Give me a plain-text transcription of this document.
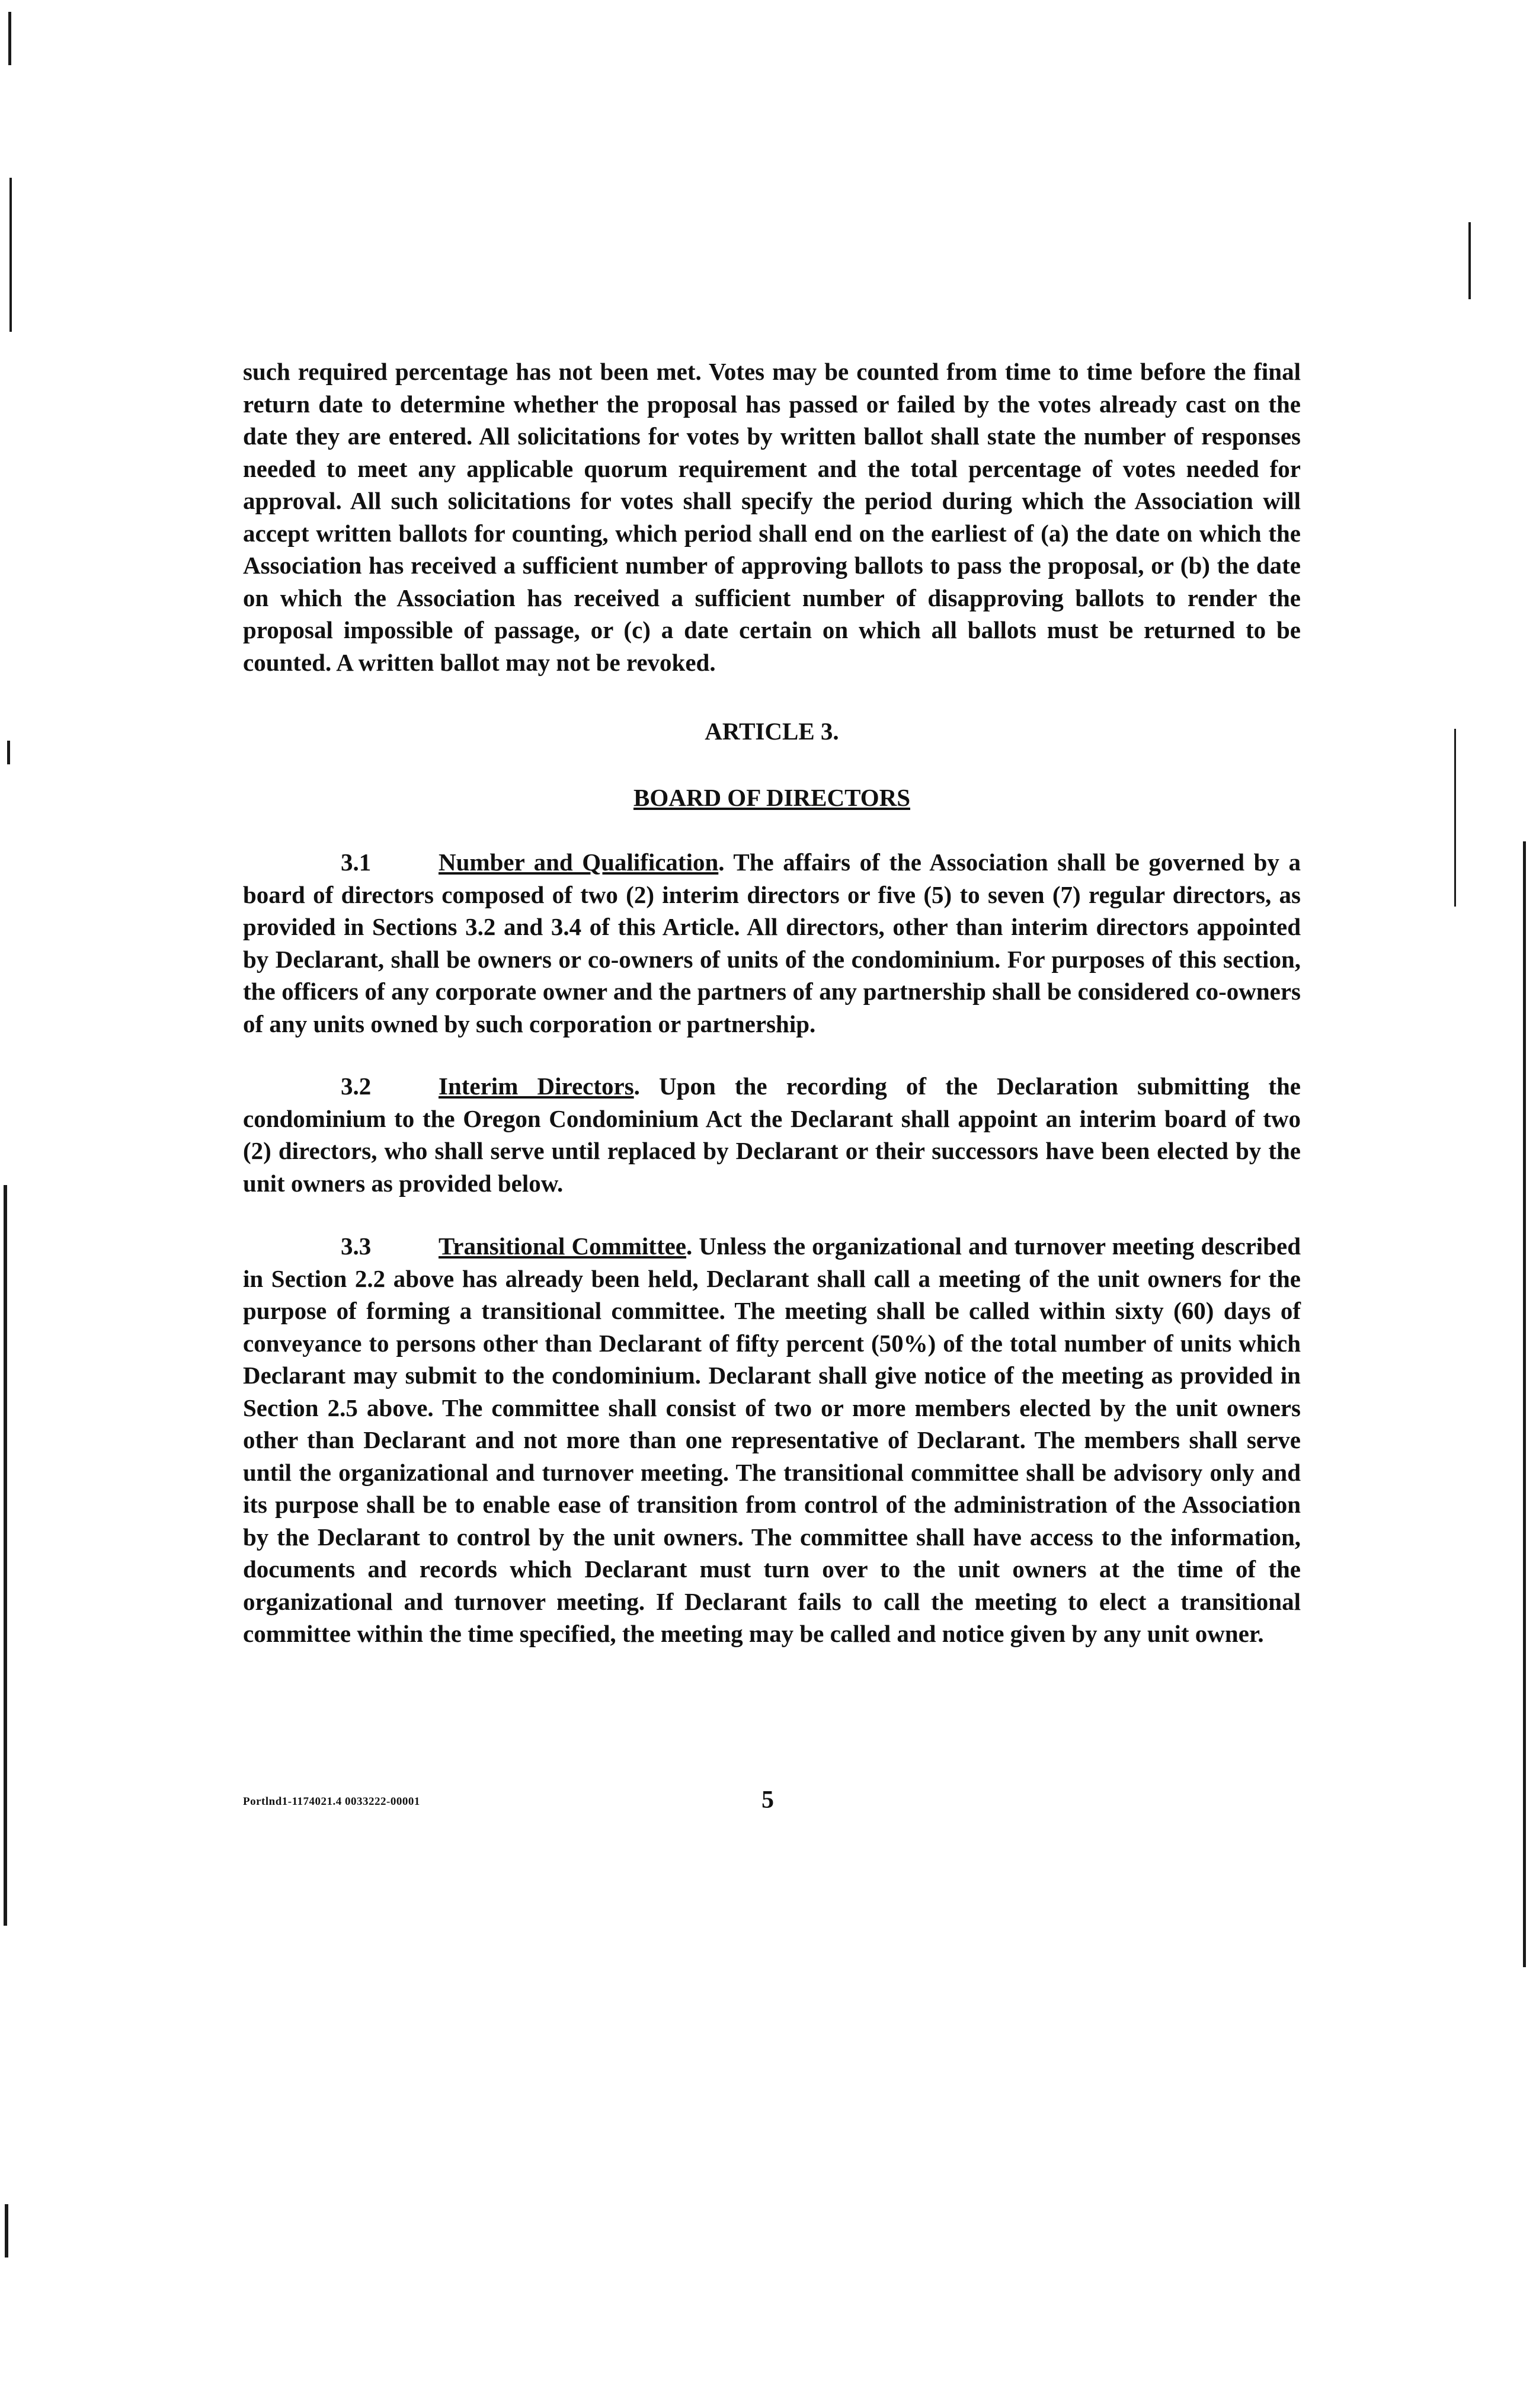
such required percentage has not been met. Votes may be counted from time to time before the final return date to determine whether the proposal has passed or failed by the votes already cast on the date they are entered. All solicitations for votes by written ballot shall state the number of responses needed to meet any applicable quorum requirement and the total percentage of votes needed for approval. All such solicitations for votes shall specify the period during which the Association will accept written ballots for counting, which period shall end on the earliest of (a) the date on which the Association has received a sufficient number of approving ballots to pass the proposal, or (b) the date on which the Association has received a sufficient number of disapproving ballots to render the proposal impossible of passage, or (c) a date certain on which all ballots must be returned to be counted. A written ballot may not be revoked.

ARTICLE 3.

BOARD OF DIRECTORS

3.1	Number and Qualification. The affairs of the Association shall be governed by a board of directors composed of two (2) interim directors or five (5) to seven (7) regular directors, as provided in Sections 3.2 and 3.4 of this Article. All directors, other than interim directors appointed by Declarant, shall be owners or co-owners of units of the condominium. For purposes of this section, the officers of any corporate owner and the partners of any partnership shall be considered co-owners of any units owned by such corporation or partnership.

3.2	Interim Directors. Upon the recording of the Declaration submitting the condominium to the Oregon Condominium Act the Declarant shall appoint an interim board of two (2) directors, who shall serve until replaced by Declarant or their successors have been elected by the unit owners as provided below.

3.3	Transitional Committee. Unless the organizational and turnover meeting described in Section 2.2 above has already been held, Declarant shall call a meeting of the unit owners for the purpose of forming a transitional committee. The meeting shall be called within sixty (60) days of conveyance to persons other than Declarant of fifty percent (50%) of the total number of units which Declarant may submit to the condominium. Declarant shall give notice of the meeting as provided in Section 2.5 above. The committee shall consist of two or more members elected by the unit owners other than Declarant and not more than one representative of Declarant. The members shall serve until the organizational and turnover meeting. The transitional committee shall be advisory only and its purpose shall be to enable ease of transition from control of the administration of the Association by the Declarant to control by the unit owners. The committee shall have access to the information, documents and records which Declarant must turn over to the unit owners at the time of the organizational and turnover meeting. If Declarant fails to call the meeting to elect a transitional committee within the time specified, the meeting may be called and notice given by any unit owner.

Portlnd1-1174021.4 0033222-00001	5
